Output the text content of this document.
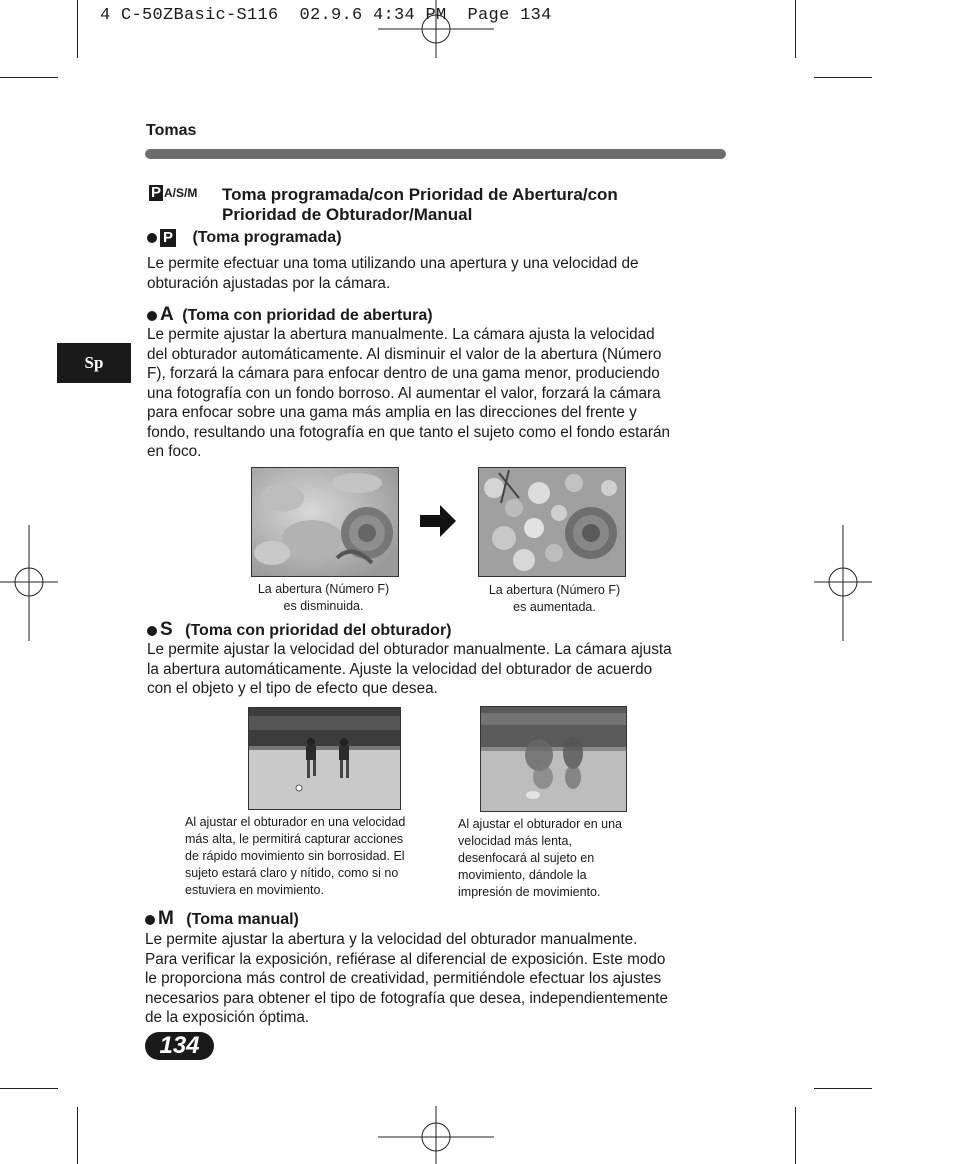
4 C-50ZBasic-S116  02.9.6 4:34 PM  Page 134
Tomas
Sp
P A/S/M	Toma programada/con Prioridad de Abertura/con
Prioridad de Obturador/Manual
P (Toma programada)
Le permite efectuar una toma utilizando una apertura y una velocidad de
obturación ajustadas por la cámara.
A (Toma con prioridad de abertura)
Le permite ajustar la abertura manualmente. La cámara ajusta la velocidad
del obturador automáticamente. Al disminuir el valor de la abertura (Número
F), forzará la cámara para enfocar dentro de una gama menor, produciendo
una fotografía con un fondo borroso. Al aumentar el valor, forzará la cámara
para enfocar sobre una gama más amplia en las direcciones del frente y
fondo, resultando una fotografía en que tanto el sujeto como el fondo estarán
en foco.
La abertura (Número F)
es disminuida.
La abertura (Número F)
es aumentada.
S (Toma con prioridad del obturador)
Le permite ajustar la velocidad del obturador manualmente. La cámara ajusta
la abertura automáticamente. Ajuste la velocidad del obturador de acuerdo
con el objeto y el tipo de efecto que desea.
Al ajustar el obturador en una velocidad
más alta, le permitirá capturar acciones
de rápido movimiento sin borrosidad. El
sujeto estará claro y nítido, como si no
estuviera en movimiento.
Al ajustar el obturador en una
velocidad más lenta,
desenfocará al sujeto en
movimiento, dándole la
impresión de movimiento.
M (Toma manual)
Le permite ajustar la abertura y la velocidad del obturador manualmente.
Para verificar la exposición, refiérase al diferencial de exposición. Este modo
le proporciona más control de creatividad, permitiéndole efectuar los ajustes
necesarios para obtener el tipo de fotografía que desea, independientemente
de la exposición óptima.
134
